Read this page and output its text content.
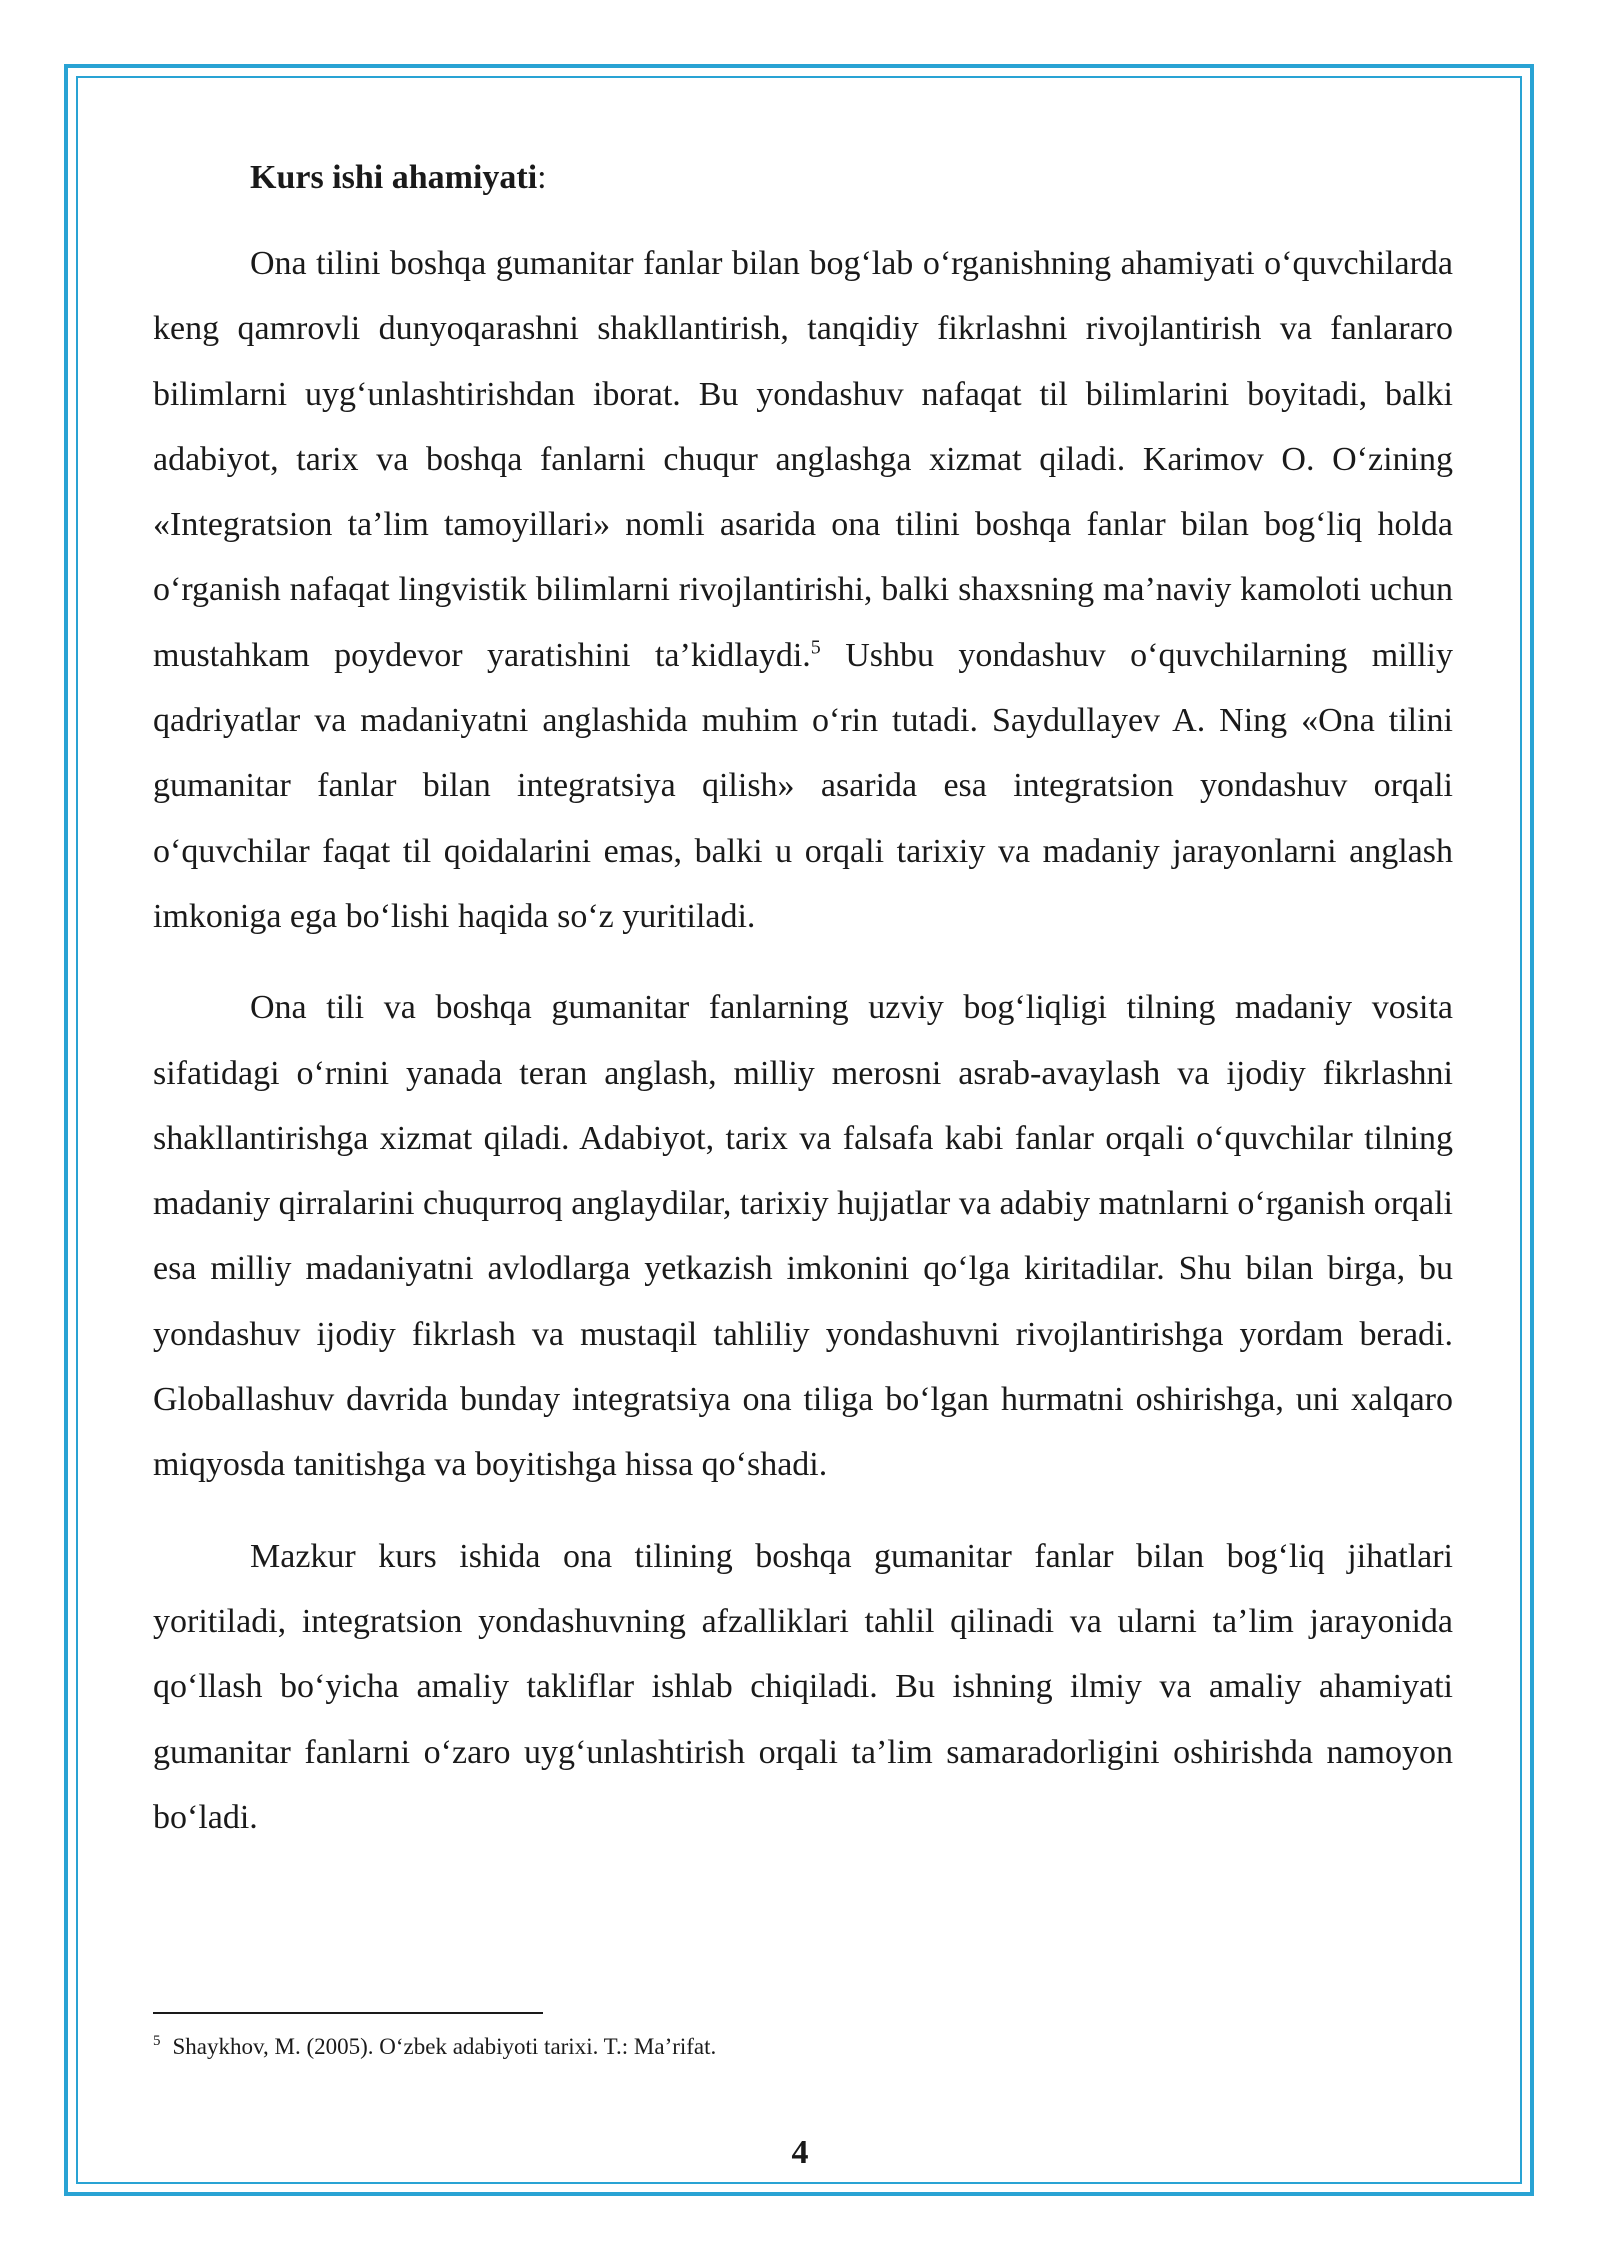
Kurs ishi ahamiyati:

Ona tilini boshqa gumanitar fanlar bilan bog‘lab o‘rganishning ahamiyati o‘quvchilarda keng qamrovli dunyoqarashni shakllantirish, tanqidiy fikrlashni rivojlantirish va fanlararo bilimlarni uyg‘unlashtirishdan iborat. Bu yondashuv nafaqat til bilimlarini boyitadi, balki adabiyot, tarix va boshqa fanlarni chuqur anglashga xizmat qiladi. Karimov O. O‘zining «Integratsion ta’lim tamoyillari» nomli asarida ona tilini boshqa fanlar bilan bog‘liq holda o‘rganish nafaqat lingvistik bilimlarni rivojlantirishi, balki shaxsning ma’naviy kamoloti uchun mustahkam poydevor yaratishini ta’kidlaydi.$^5$ Ushbu yondashuv o‘quvchilarning milliy qadriyatlar va madaniyatni anglashida muhim o‘rin tutadi. Saydullayev A. Ning «Ona tilini gumanitar fanlar bilan integratsiya qilish» asarida esa integratsion yondashuv orqali o‘quvchilar faqat til qoidalarini emas, balki u orqali tarixiy va madaniy jarayonlarni anglash imkoniga ega bo‘lishi haqida so‘z yuritiladi.

Ona tili va boshqa gumanitar fanlarning uzviy bog‘liqligi tilning madaniy vosita sifatidagi o‘rnini yanada teran anglash, milliy merosni asrab-avaylash va ijodiy fikrlashni shakllantirishga xizmat qiladi. Adabiyot, tarix va falsafa kabi fanlar orqali o‘quvchilar tilning madaniy qirralarini chuqurroq anglaydilar, tarixiy hujjatlar va adabiy matnlarni o‘rganish orqali esa milliy madaniyatni avlodlarga yetkazish imkonini qo‘lga kiritadilar. Shu bilan birga, bu yondashuv ijodiy fikrlash va mustaqil tahliliy yondashuvni rivojlantirishga yordam beradi. Globallashuv davrida bunday integratsiya ona tiliga bo‘lgan hurmatni oshirishga, uni xalqaro miqyosda tanitishga va boyitishga hissa qo‘shadi.

Mazkur kurs ishida ona tilining boshqa gumanitar fanlar bilan bog‘liq jihatlari yoritiladi, integratsion yondashuvning afzalliklari tahlil qilinadi va ularni ta’lim jarayonida qo‘llash bo‘yicha amaliy takliflar ishlab chiqiladi. Bu ishning ilmiy va amaliy ahamiyati gumanitar fanlarni o‘zaro uyg‘unlashtirish orqali ta’lim samaradorligini oshirishda namoyon bo‘ladi.

$^5$ Shaykhov, M. (2005). O‘zbek adabiyoti tarixi. T.: Ma’rifat.
4
